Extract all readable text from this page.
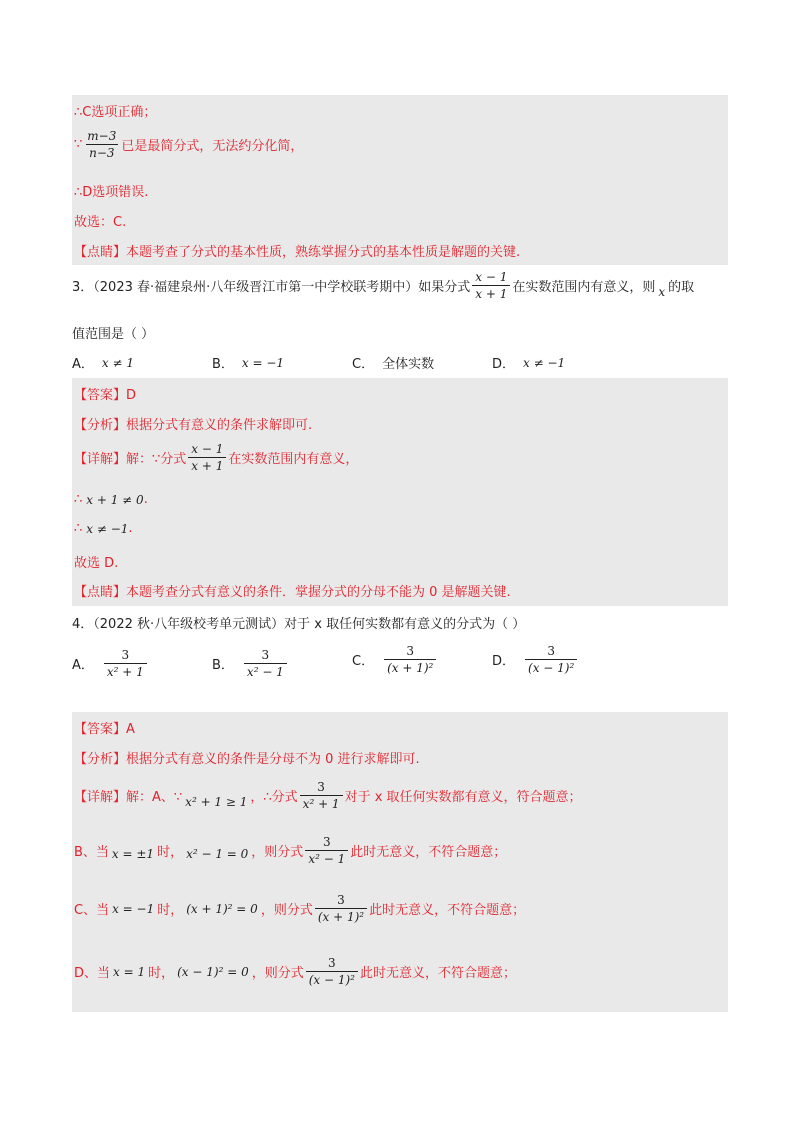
∴C选项正确；
∵ $\frac{m-3}{n-3}$ 已是最简分式，无法约分化简，
∴D选项错误.
故选：C.
【点睛】本题考查了分式的基本性质，熟练掌握分式的基本性质是解题的关键.
3．（2023 春·福建泉州·八年级晋江市第一中学校联考期中）如果分式 $\frac{x - 1}{x + 1}$ 在实数范围内有意义，则 x 的取
值范围是（ ）
A． x ≠ 1	B． x = −1	C． 全体实数	D． x ≠ −1
【答案】D
【分析】根据分式有意义的条件求解即可.
【详解】解：∵分式 $\frac{x - 1}{x + 1}$ 在实数范围内有意义，
∴ x + 1 ≠ 0 .
∴ x ≠ −1 .
故选 D.
【点睛】本题考查分式有意义的条件．掌握分式的分母不能为 0 是解题关键.
4．（2022 秋·八年级校考单元测试）对于 x 取任何实数都有意义的分式为（ ）
A． $\frac{3}{\text{x² + 1}}$	B． $\frac{3}{\text{x² − 1}}$	C． $\frac{3}{\text{(x + 1)²}}$	D． $\frac{3}{\text{(x − 1)²}}$
【答案】A
【分析】根据分式有意义的条件是分母不为 0 进行求解即可.
【详解】解：A、∵ x² + 1 ≥ 1 ，∴分式 $\frac{3}{\text{x² + 1}}$ 对于 x 取任何实数都有意义，符合题意；
B、当 x = ±1 时， x² − 1 = 0 ，则分式 $\frac{3}{\text{x² − 1}}$ 此时无意义，不符合题意；
C、当 x = −1 时， (x + 1)² = 0 ，则分式 $\frac{3}{\text{(x + 1)²}}$ 此时无意义，不符合题意；
D、当 x = 1 时， (x − 1)² = 0 ，则分式 $\frac{3}{\text{(x − 1)²}}$ 此时无意义，不符合题意；
